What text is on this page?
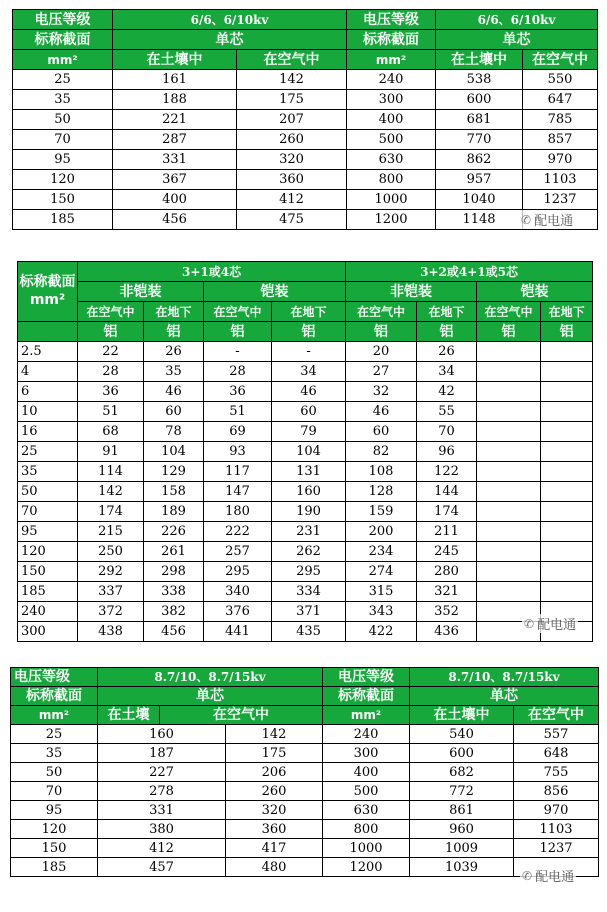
电压等级	6/6、6/10kv		电压等级	6/6、6/10kv	
标称截面	单芯		标称截面	单芯	
mm²	在土壤中	在空气中	mm²	在土壤中	在空气中
25	161	142	240	538	550
35	188	175	300	600	647
50	221	207	400	681	785
70	287	260	500	770	857
95	331	320	630	862	970
120	367	360	800	957	1103
150	400	412	1000	1040	1237
185	456	475	1200	1148	
标称截面mm²	3+1或4芯				3+2或4+1或5芯			
	非铠装		铠装		非铠装		铠装	
	在空气中	在地下	在空气中	在地下	在空气中	在地下	在空气中	在地下
	铝	铝	铝	铝	铝	铝	铝	铝
2.5	22	26	-	-	20	26		
4	28	35	28	34	27	34		
6	36	46	36	46	32	42		
10	51	60	51	60	46	55		
16	68	78	69	79	60	70		
25	91	104	93	104	82	96		
35	114	129	117	131	108	122		
50	142	158	147	160	128	144		
70	174	189	180	190	159	174		
95	215	226	222	231	200	211		
120	250	261	257	262	234	245		
150	292	298	295	295	274	280		
185	337	338	340	334	315	321		
240	372	382	376	371	343	352		
300	438	456	441	435	422	436		
电压等级	8.7/10、8.7/15kv			电压等级	8.7/10、8.7/15kv	
标称截面	单芯			标称截面	单芯	
mm²	在土壤	在空气中		mm²	在土壤中	在空气中
25	160		142	240	540	557
35	187		175	300	600	648
50	227		206	400	682	755
70	278		260	500	772	856
95	331		320	630	861	970
120	380		360	800	960	1103
150	412		417	1000	1009	1237
185	457		480	1200	1039	
✆ 配电通
✆ 配电通
✆ 配电通
